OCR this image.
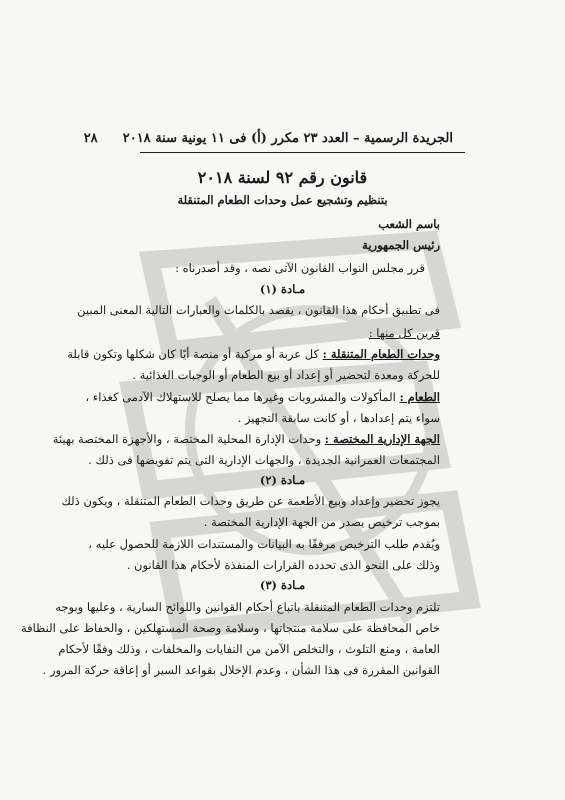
الجريدة الرسمية – العدد ٢٣ مكرر (أ) فى ١١ يونية سنة ٢٠١٨  ٢٨
قانون رقم ٩٢ لسنة ٢٠١٨
بتنظيم وتشجيع عمل وحدات الطعام المتنقلة
باسم الشعب
رئيس الجمهورية
قرر مجلس النواب القانون الآتى نصه ، وقد أصدرناه :
مـادة (١)
فى تطبيق أحكام هذا القانون ، يقصد بالكلمات والعبارات التالية المعنى المبين
قرين كل منها :
وحدات الطعام المتنقلة : كل عربة أو مركبة أو منصة أيًا كان شكلها وتكون قابلة
للحركة ومعدة لتحضير أو إعداد أو بيع الطعام أو الوجبات الغذائية .
الطعام : المأكولات والمشروبات وغيرها مما يصلح للاستهلاك الآدمى كغذاء ،
سواء يتم إعدادها ، أو كانت سابقة التجهيز .
الجهة الإدارية المختصة : وحدات الإدارة المحلية المختصة ، والأجهزة المختصة بهيئة
المجتمعات العمرانية الجديدة ، والجهات الإدارية التى يتم تفويضها فى ذلك .
مـادة (٢)
يجوز تحضير وإعداد وبيع الأطعمة عن طريق وحدات الطعام المتنقلة ، ويكون ذلك
بموجب ترخيص يصدر من الجهة الإدارية المختصة .
ويُقدم طلب الترخيص مرفقًا به البيانات والمستندات اللازمة للحصول عليه ،
وذلك على النحو الذى تحدده القرارات المنفذة لأحكام هذا القانون .
مـادة (٣)
تلتزم وحدات الطعام المتنقلة باتباع أحكام القوانين واللوائح السارية ، وعليها وبوجه
خاص المحافظة على سلامة منتجاتها ، وسلامة وصحة المستهلكين ، والحفاظ على النظافة
العامة ، ومنع التلوث ، والتخلص الآمن من النفايات والمخلفات ، وذلك وفقًا لأحكام
القوانين المقررة فى هذا الشأن ، وعدم الإخلال بقواعد السير أو إعاقة حركة المرور .
